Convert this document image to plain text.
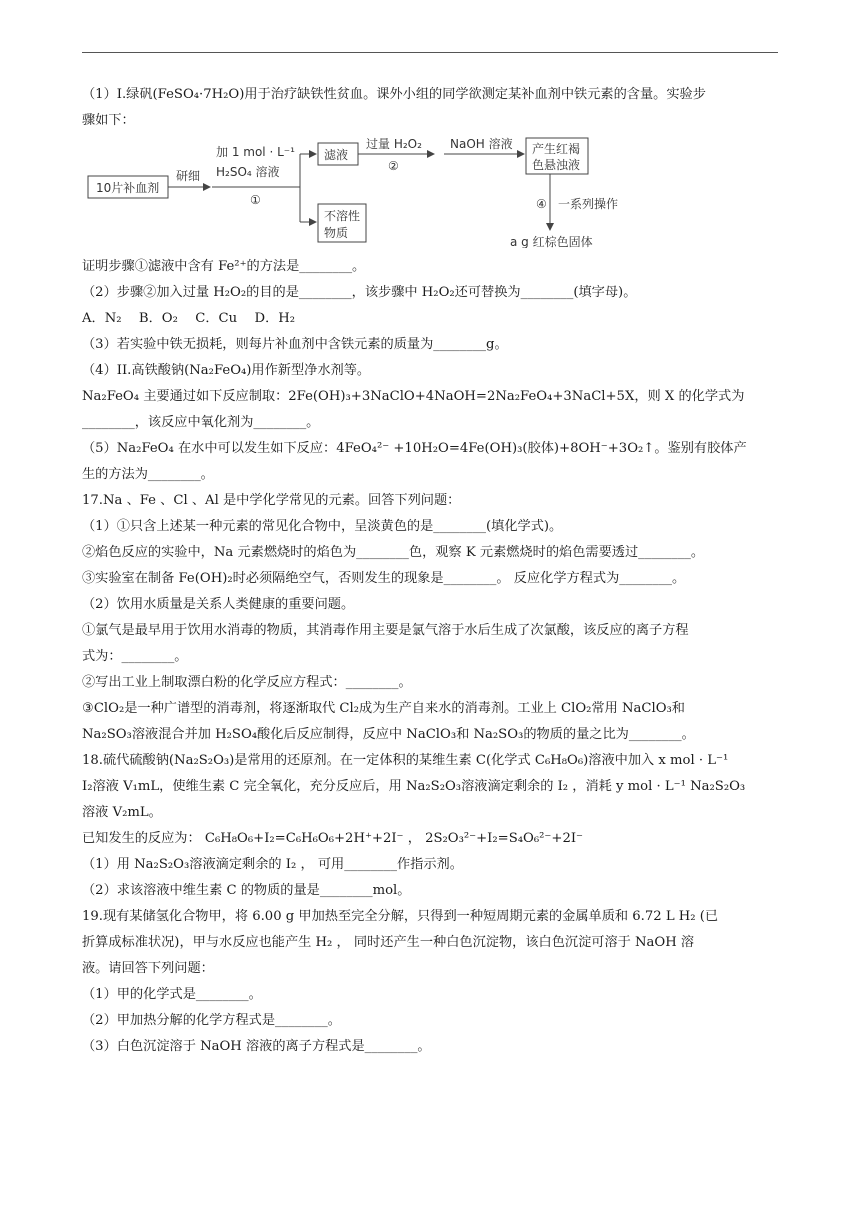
（1）I.绿矾(FeSO₄·7H₂O)用于治疗缺铁性贫血。课外小组的同学欲测定某补血剂中铁元素的含量。实验步
骤如下：
10片补血剂
研细
加 1 mol · L⁻¹
H₂SO₄ 溶液
①
滤液
不溶性
物质
过量 H₂O₂
②
NaOH 溶液 产生红褐
色悬浊液
④ 一系列操作
a g 红棕色固体
证明步骤①滤液中含有 Fe²⁺的方法是________。
（2）步骤②加入过量 H₂O₂的目的是________，该步骤中 H₂O₂还可替换为________(填字母)。
A．N₂　 B．O₂　 C．Cu　 D．H₂
（3）若实验中铁无损耗，则每片补血剂中含铁元素的质量为________g。
（4）II.高铁酸钠(Na₂FeO₄)用作新型净水剂等。
Na₂FeO₄ 主要通过如下反应制取：2Fe(OH)₃+3NaClO+4NaOH=2Na₂FeO₄+3NaCl+5X，则 X 的化学式为
________，该反应中氧化剂为________。
（5）Na₂FeO₄ 在水中可以发生如下反应：4FeO₄²⁻ +10H₂O=4Fe(OH)₃(胶体)+8OH⁻+3O₂↑。鉴别有胶体产
生的方法为________。
17.Na 、Fe 、Cl 、Al 是中学化学常见的元素。回答下列问题：
（1）①只含上述某一种元素的常见化合物中，呈淡黄色的是________(填化学式)。
②焰色反应的实验中，Na 元素燃烧时的焰色为________色，观察 K 元素燃烧时的焰色需要透过________。
③实验室在制备 Fe(OH)₂时必须隔绝空气，否则发生的现象是________。 反应化学方程式为________。
（2）饮用水质量是关系人类健康的重要问题。
①氯气是最早用于饮用水消毒的物质，其消毒作用主要是氯气溶于水后生成了次氯酸，该反应的离子方程
式为：________。
②写出工业上制取漂白粉的化学反应方程式：________。
③ClO₂是一种广谱型的消毒剂，将逐渐取代 Cl₂成为生产自来水的消毒剂。工业上 ClO₂常用 NaClO₃和
Na₂SO₃溶液混合并加 H₂SO₄酸化后反应制得，反应中 NaClO₃和 Na₂SO₃的物质的量之比为________。
18.硫代硫酸钠(Na₂S₂O₃)是常用的还原剂。在一定体积的某维生素 C(化学式 C₆H₈O₆)溶液中加入 x mol · L⁻¹
I₂溶液 V₁mL，使维生素 C 完全氧化，充分反应后，用 Na₂S₂O₃溶液滴定剩余的 I₂ ，消耗 y mol · L⁻¹ Na₂S₂O₃
溶液 V₂mL。
已知发生的反应为： C₆H₈O₆+I₂=C₆H₆O₆+2H⁺+2I⁻ ， 2S₂O₃²⁻+I₂=S₄O₆²⁻+2I⁻
（1）用 Na₂S₂O₃溶液滴定剩余的 I₂ ， 可用________作指示剂。
（2）求该溶液中维生素 C 的物质的量是________mol。
19.现有某储氢化合物甲，将 6.00 g 甲加热至完全分解，只得到一种短周期元素的金属单质和 6.72 L H₂ (已
折算成标准状况)，甲与水反应也能产生 H₂ ， 同时还产生一种白色沉淀物，该白色沉淀可溶于 NaOH 溶
液。请回答下列问题：
（1）甲的化学式是________。
（2）甲加热分解的化学方程式是________。
（3）白色沉淀溶于 NaOH 溶液的离子方程式是________。
